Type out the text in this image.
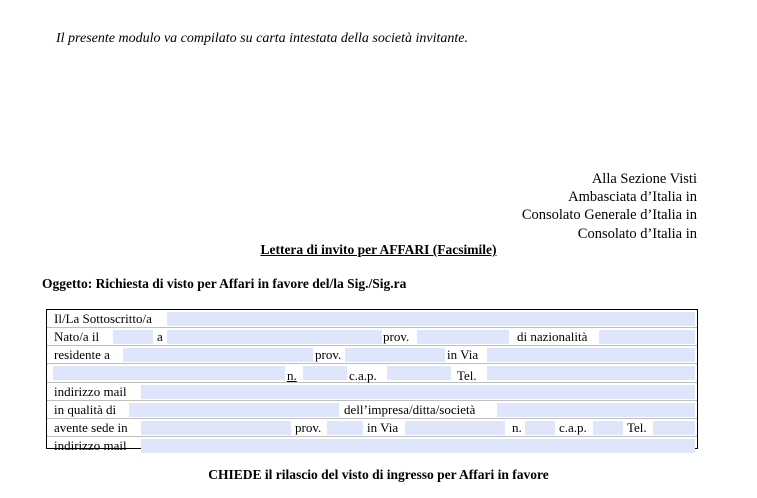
Il presente modulo va compilato su carta intestata della società invitante.
Alla Sezione Visti
Ambasciata d’Italia in
Consolato Generale d’Italia in
Consolato d’Italia in
Lettera di invito per AFFARI (Facsimile)
Oggetto: Richiesta di visto per Affari in favore del/la Sig./Sig.ra
Il/La Sottoscritto/a
Nato/a il	a	prov.	di nazionalità
residente a	prov.	in Via
n.	c.a.p.	Tel.
indirizzo mail
in qualità di	dell’impresa/ditta/società
avente sede in	prov.	in Via	n.	c.a.p.	Tel.
indirizzo mail
CHIEDE il rilascio del visto di ingresso per Affari in favore
